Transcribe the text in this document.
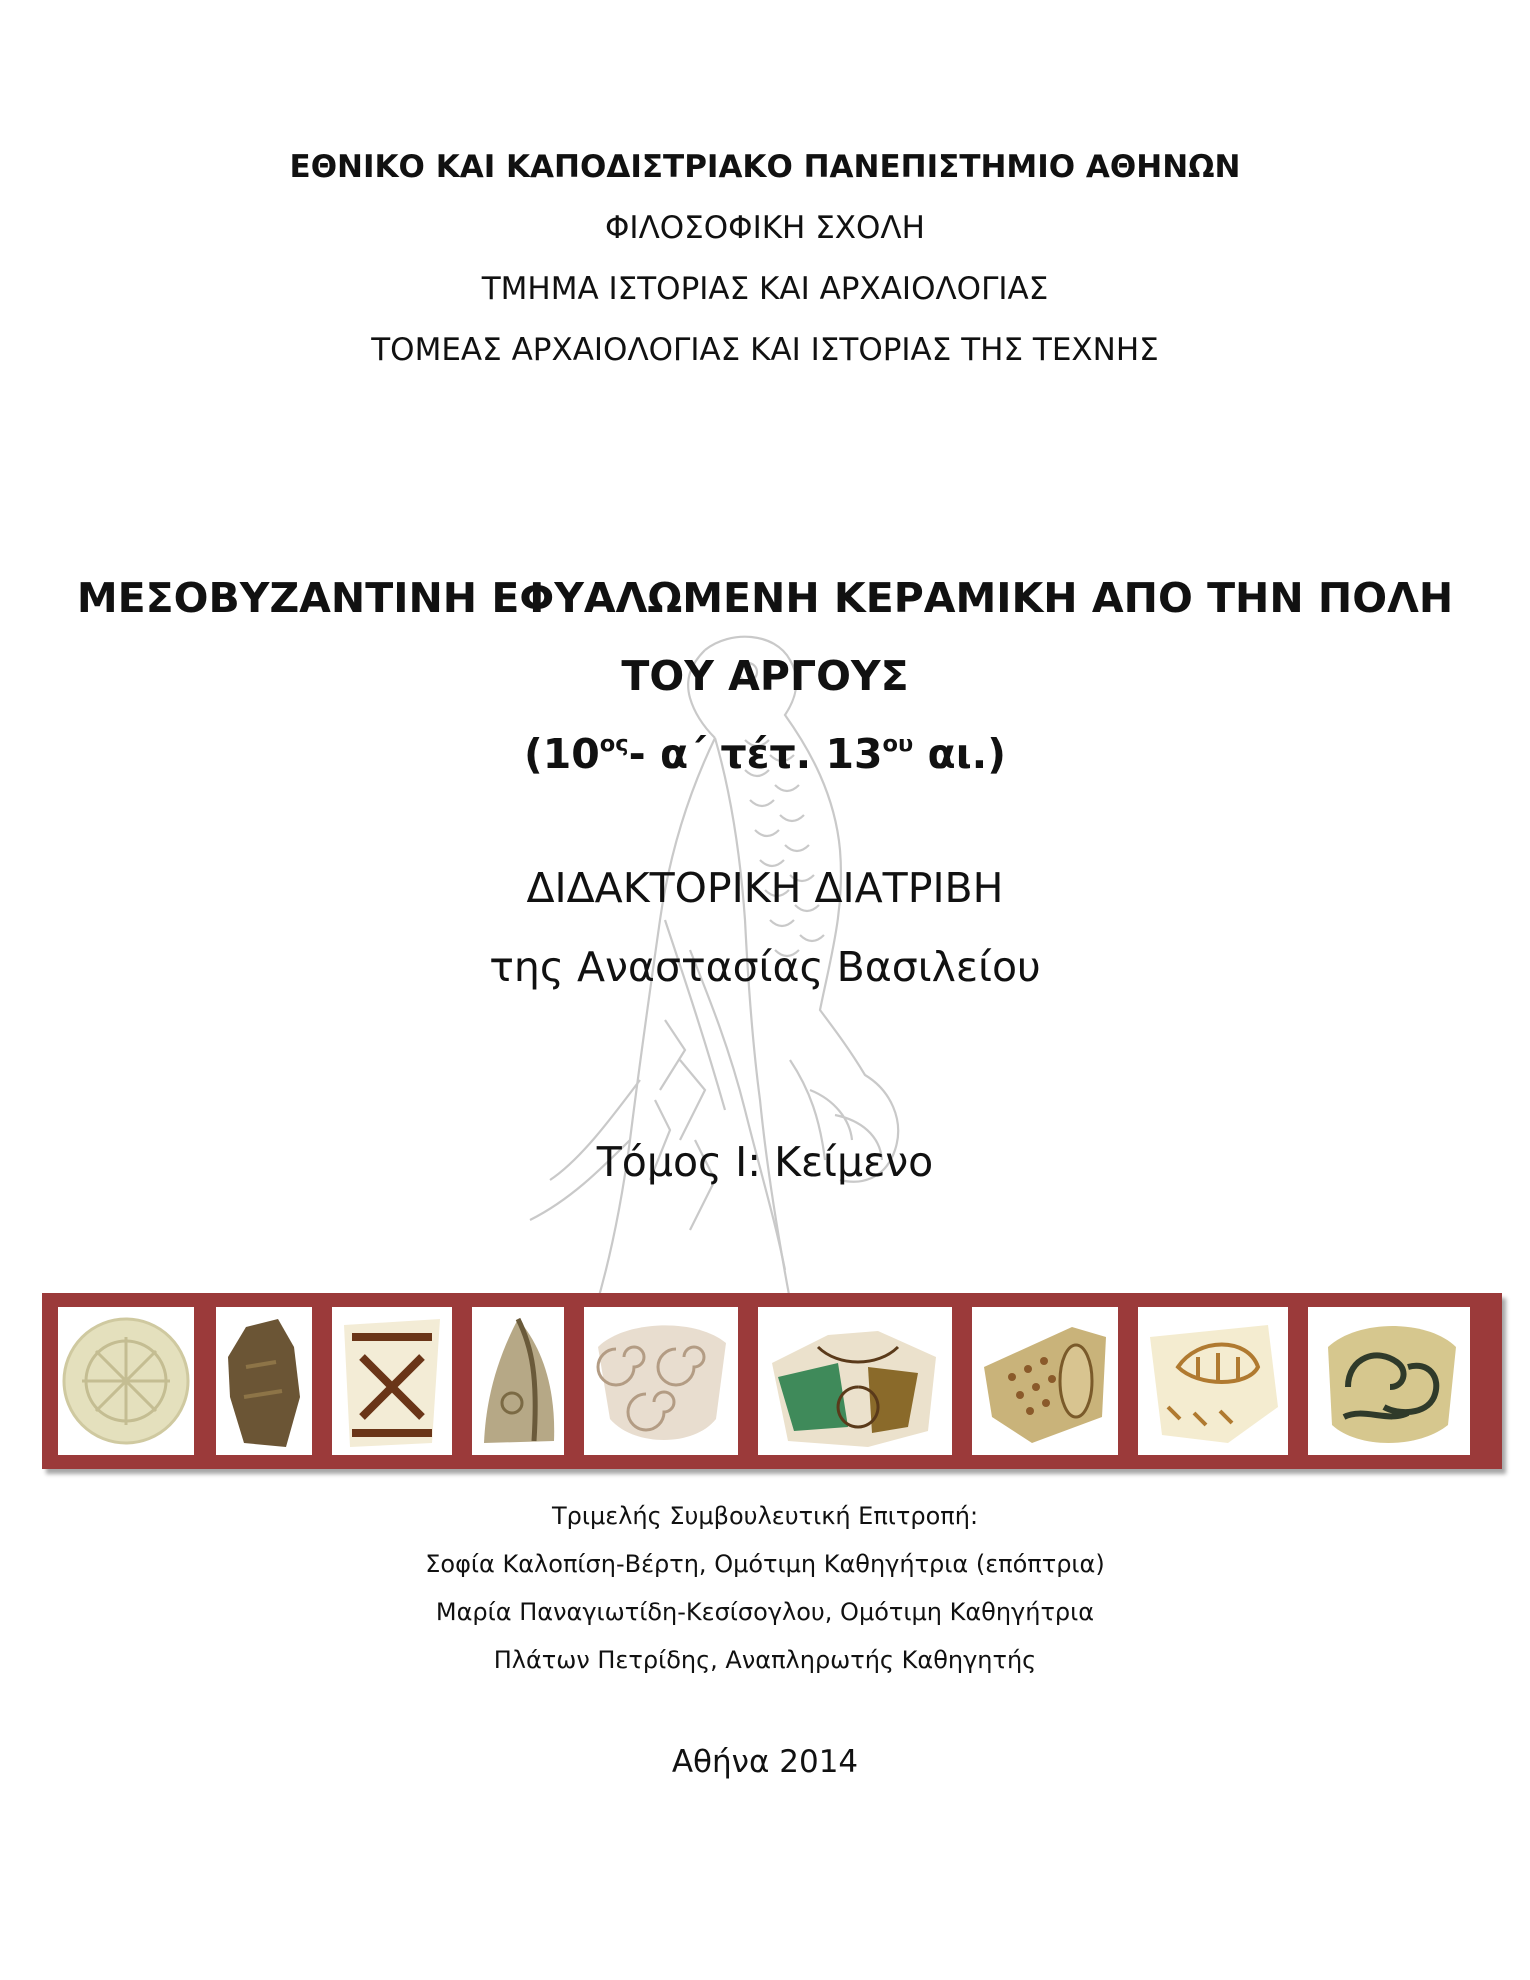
ΕΘΝΙΚΟ ΚΑΙ ΚΑΠΟΔΙΣΤΡΙΑΚΟ ΠΑΝΕΠΙΣΤΗΜΙΟ ΑΘΗΝΩΝ
ΦΙΛΟΣΟΦΙΚΗ ΣΧΟΛΗ
ΤΜΗΜΑ ΙΣΤΟΡΙΑΣ ΚΑΙ ΑΡΧΑΙΟΛΟΓΙΑΣ
ΤΟΜΕΑΣ ΑΡΧΑΙΟΛΟΓΙΑΣ ΚΑΙ ΙΣΤΟΡΙΑΣ ΤΗΣ ΤΕΧΝΗΣ
ΜΕΣΟΒΥΖΑΝΤΙΝΗ ΕΦΥΑΛΩΜΕΝΗ ΚΕΡΑΜΙΚΗ ΑΠΟ ΤΗΝ ΠΟΛΗ
ΤΟΥ ΑΡΓΟΥΣ
($10^{o\varsigma}-$ α΄ τέτ. $13^{o\upsilon}$ αι.)
ΔΙΔΑΚΤΟΡΙΚΗ ΔΙΑΤΡΙΒΗ
της Αναστασίας Βασιλείου
Τόμος Ι: Κείμενο
Τριμελής Συμβουλευτική Επιτροπή:
Σοφία Καλοπίση-Βέρτη, Ομότιμη Καθηγήτρια (επόπτρια)
Μαρία Παναγιωτίδη-Κεσίσογλου, Ομότιμη Καθηγήτρια
Πλάτων Πετρίδης, Αναπληρωτής Καθηγητής
Αθήνα 2014
